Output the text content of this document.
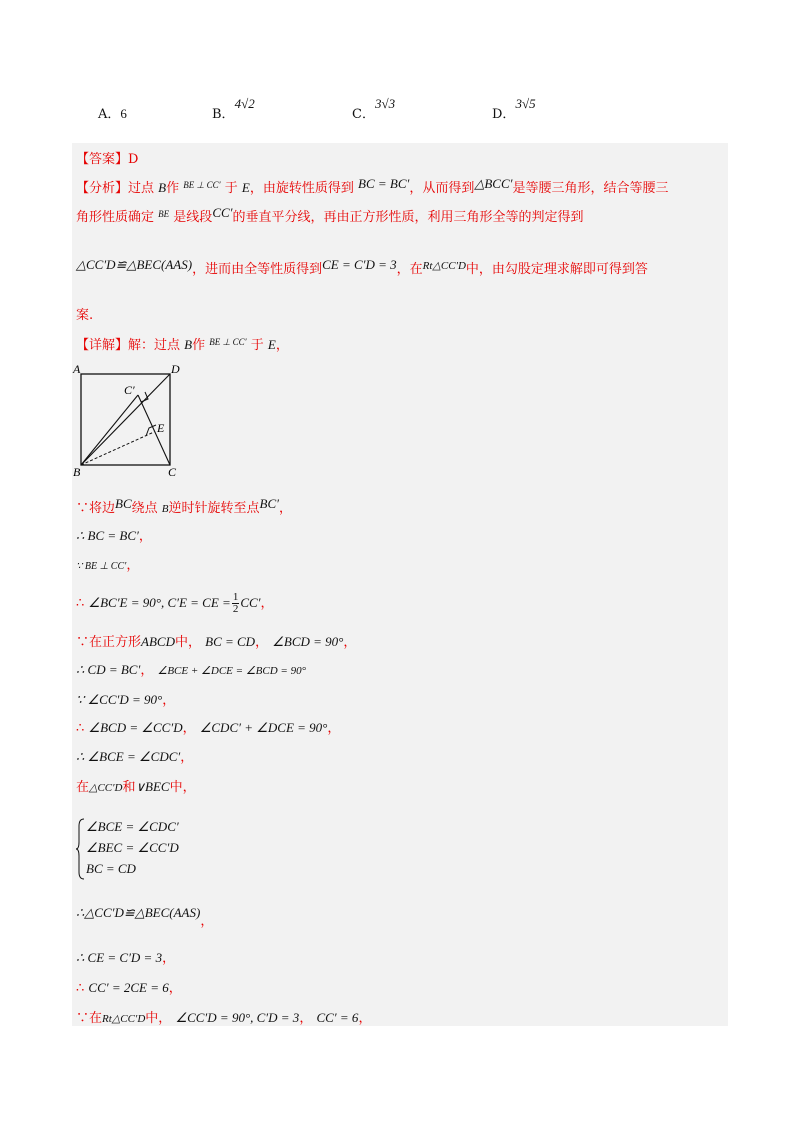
A．6	B．4√2
C．3√3
D．3√5
【答案】D
【分析】过点 B作 $^{BE \perp CC'}$ 于 E，由旋转性质得到 BC = BC′，从而得到△BCC′是等腰三角形，结合等腰三
角形性质确定 $^{BE}$ 是线段CC′的垂直平分线，再由正方形性质，利用三角形全等的判定得到
△CC′D≌△BEC(AAS)，进而由全等性质得到CE = C′D = 3，在$^{Rt\triangle CC'D}$中，由勾股定理求解即可得到答
案.
【详解】解：过点 B作 $^{BE \perp CC'}$ 于 E，
A	D
C′
E
B	C
∵将边BC绕点 B逆时针旋转至点BC′，
∴ BC = BC′，
∵ BE ⊥ CC′，
∴ ∠BC′E = 90°, C′E = CE = $\frac{1}{2} CC'$，
∵在正方形ABCD中， BC = CD， ∠BCD = 90°，
∴ CD = BC′， ∠BCE + ∠DCE = ∠BCD = 90°
∵ ∠CC′D = 90°，
∴ ∠BCD = ∠CC′D， ∠CDC′ + ∠DCE = 90°，
∴ ∠BCE = ∠CDC′，
在△CC′D和∨BEC中，
∠BCE = ∠CDC′
∠BEC = ∠CC′D
BC = CD
∴△CC′D≌△BEC(AAS)，
∴ CE = C′D = 3，
∴ CC′ = 2CE = 6，
∵在Rt△CC′D中， ∠CC′D = 90°, C′D = 3， CC′ = 6，
